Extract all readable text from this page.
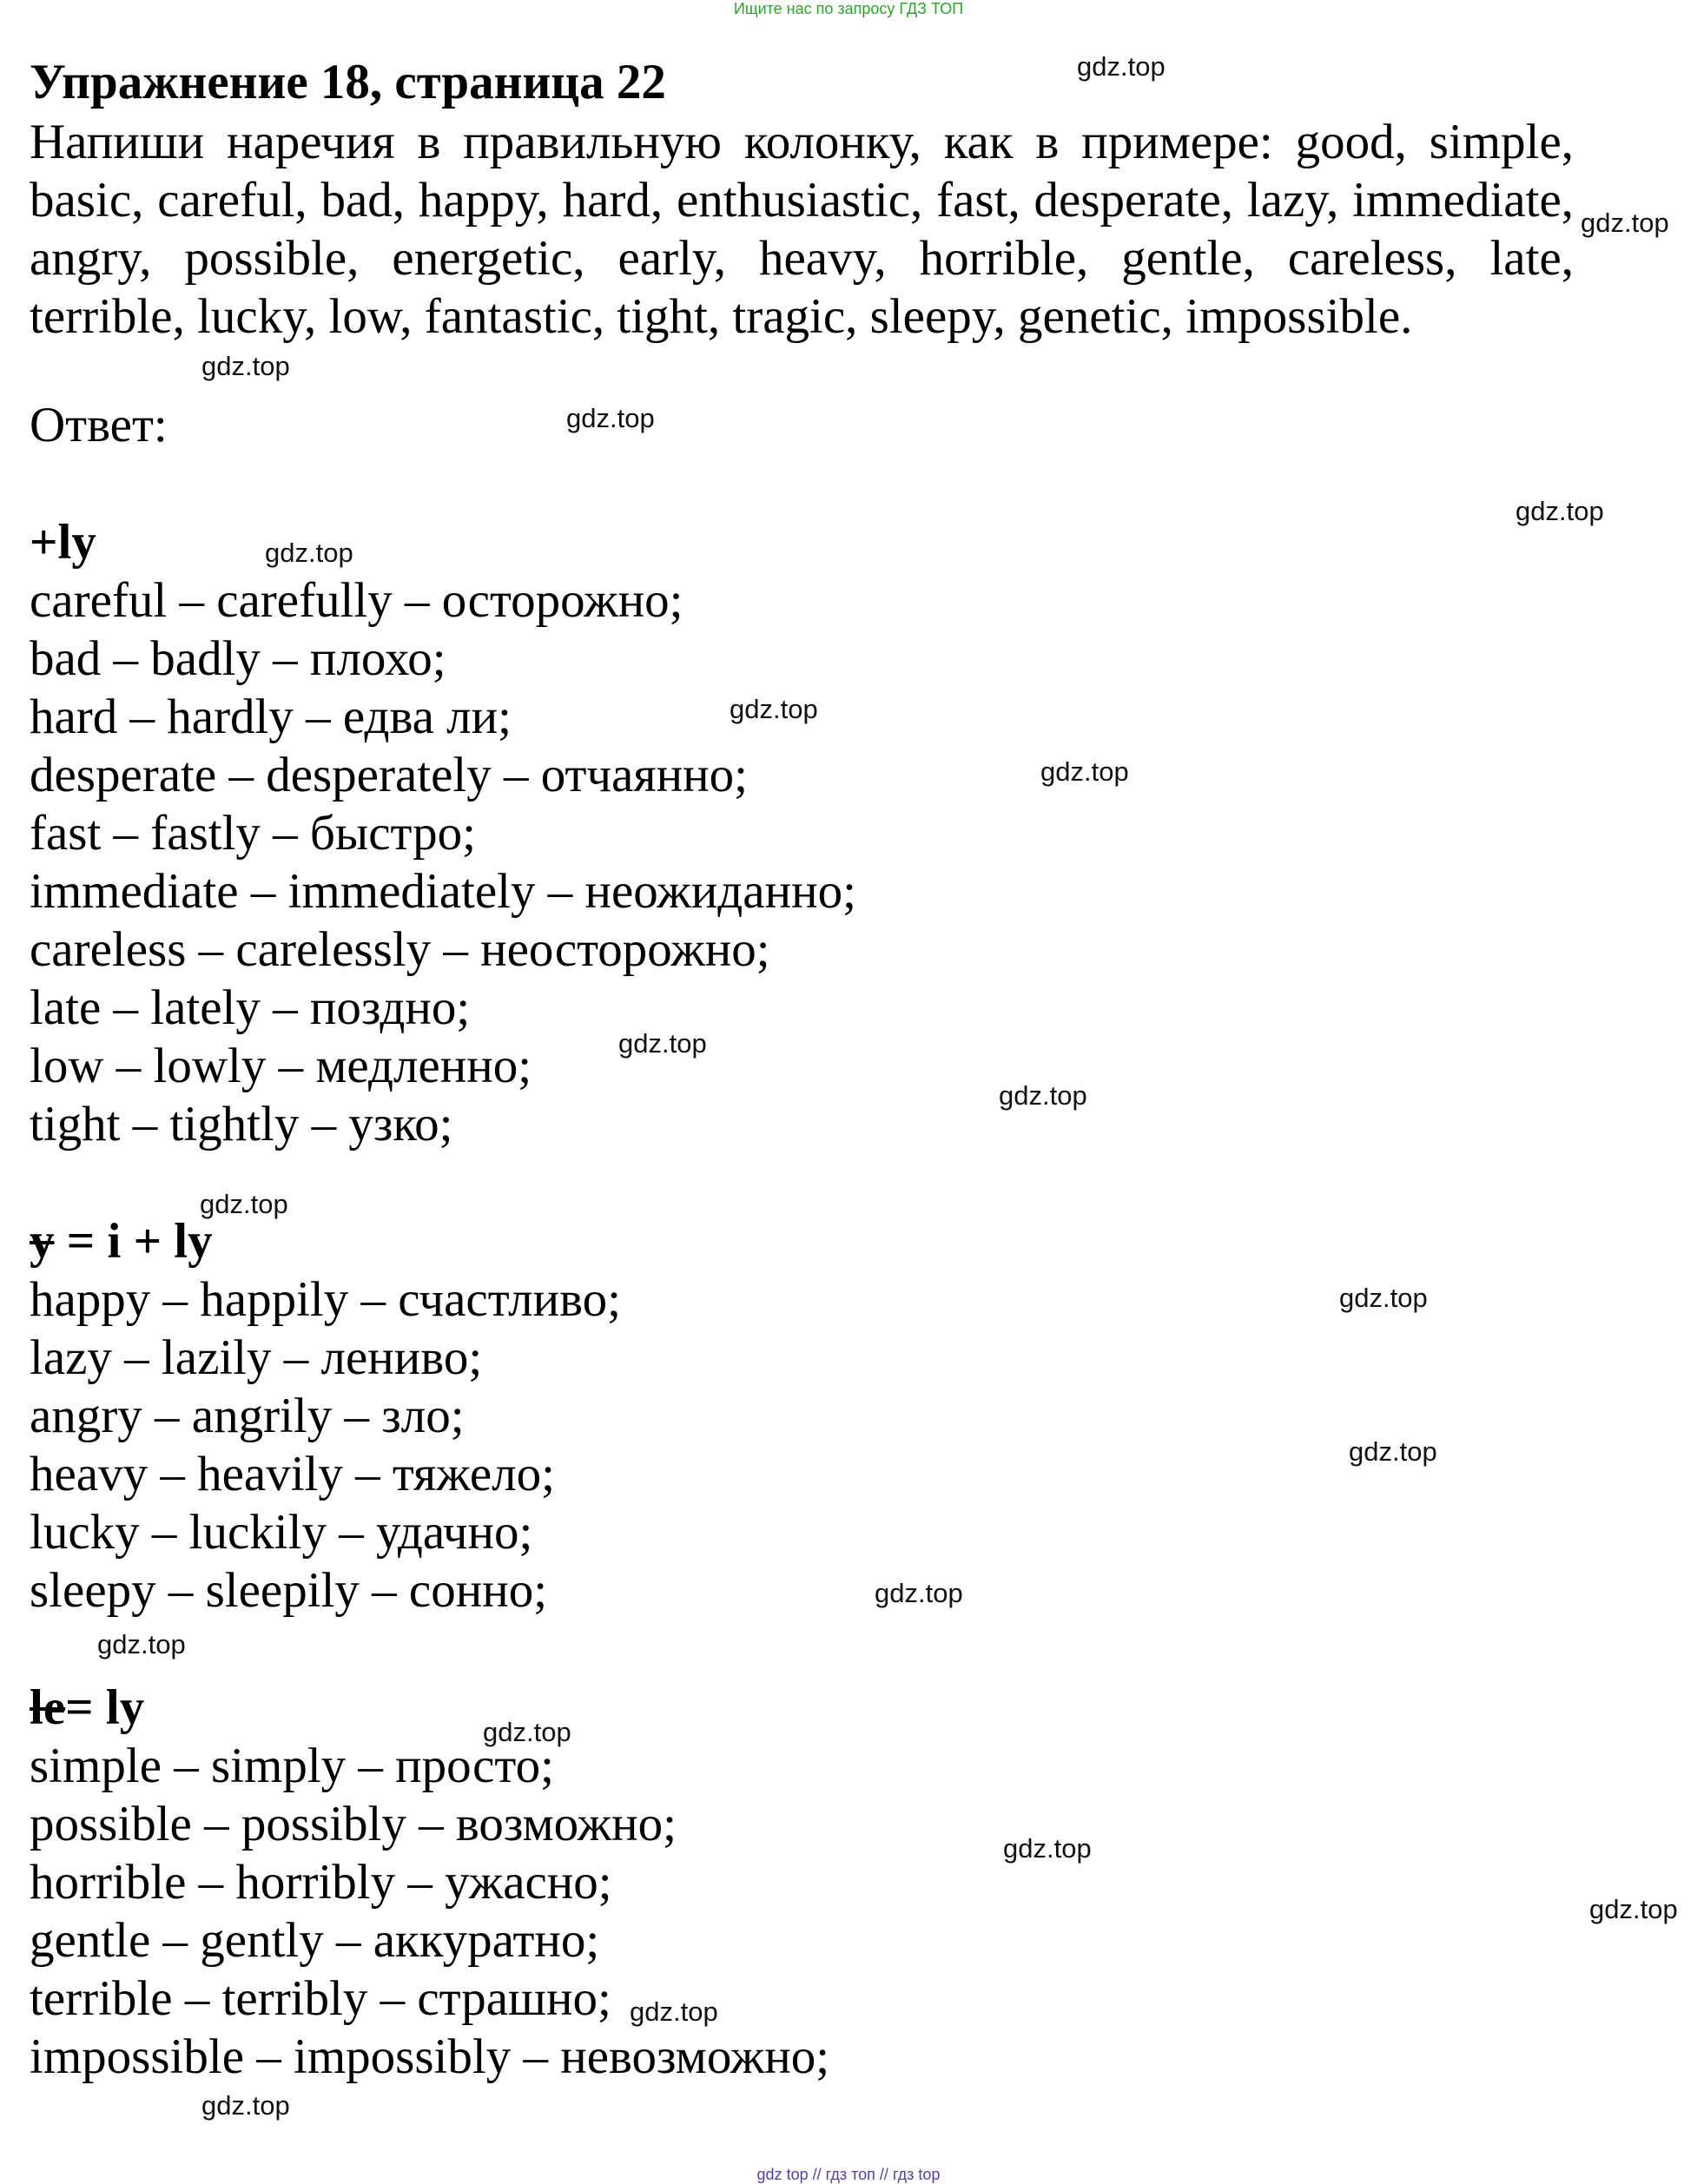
Ищите нас по запросу ГДЗ ТОП
Упражнение 18, страница 22

Напиши наречия в правильную колонку, как в примере: good, simple, basic, careful, bad, happy, hard, enthusiastic, fast, desperate, lazy, immediate, angry, possible, energetic, early, heavy, horrible, gentle, careless, late, terrible, lucky, low, fantastic, tight, tragic, sleepy, genetic, impossible.

Ответ:
+ly
careful – carefully – осторожно;
bad – badly – плохо;
hard – hardly – едва ли;
desperate – desperately – отчаянно;
fast – fastly – быстро;
immediate – immediately – неожиданно;
careless – carelessly – неосторожно;
late – lately – поздно;
low – lowly – медленно;
tight – tightly – узко;
y = i + ly
happy – happily – счастливо;
lazy – lazily – лениво;
angry – angrily – зло;
heavy – heavily – тяжело;
lucky – luckily – удачно;
sleepy – sleepily – сонно;
le= ly
simple – simply – просто;
possible – possibly – возможно;
horrible – horribly – ужасно;
gentle – gently – аккуратно;
terrible – terribly – страшно;
impossible – impossibly – невозможно;
gdz.top
gdz.top
gdz.top
gdz.top
gdz.top
gdz.top
gdz.top
gdz.top
gdz.top
gdz.top
gdz.top
gdz.top
gdz.top
gdz.top
gdz.top
gdz.top
gdz.top
gdz.top
gdz.top
gdz.top
gdz top // гдз топ // гдз top
